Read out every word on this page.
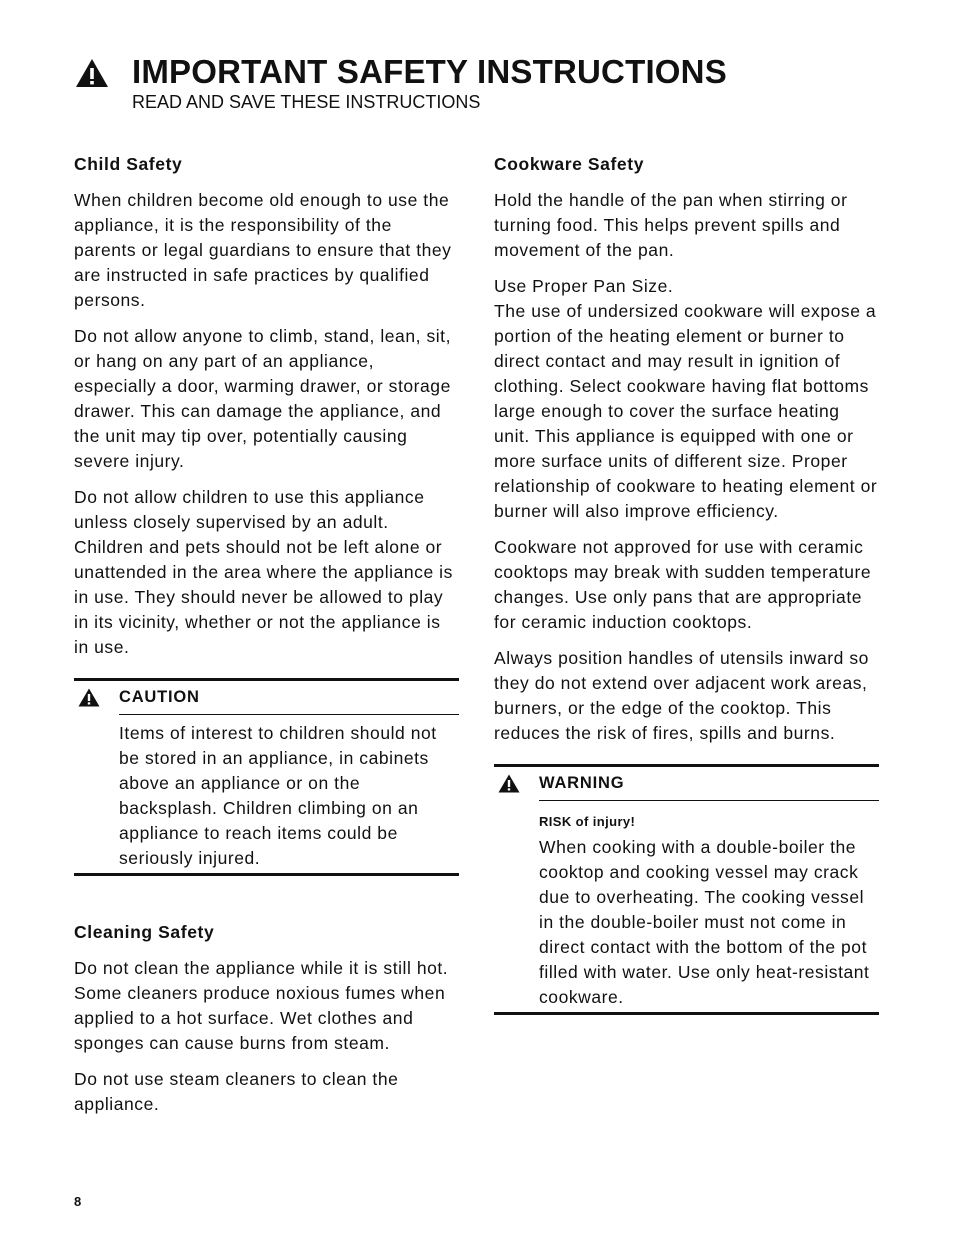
IMPORTANT SAFETY INSTRUCTIONS
READ AND SAVE THESE INSTRUCTIONS
Child Safety

When children become old enough to use the appliance, it is the responsibility of the parents or legal guardians to ensure that they are instructed in safe practices by qualified persons.

Do not allow anyone to climb, stand, lean, sit, or hang on any part of an appliance, especially a door, warming drawer, or storage drawer. This can damage the appliance, and the unit may tip over, potentially causing severe injury.

Do not allow children to use this appliance unless closely supervised by an adult. Children and pets should not be left alone or unattended in the area where the appliance is in use. They should never be allowed to play in its vicinity, whether or not the appliance is in use.

CAUTION

Items of interest to children should not be stored in an appliance, in cabinets above an appliance or on the backsplash. Children climbing on an appliance to reach items could be seriously injured.

Cleaning Safety

Do not clean the appliance while it is still hot. Some cleaners produce noxious fumes when applied to a hot surface. Wet clothes and sponges can cause burns from steam.

Do not use steam cleaners to clean the appliance.

Cookware Safety

Hold the handle of the pan when stirring or turning food. This helps prevent spills and movement of the pan.

Use Proper Pan Size.

The use of undersized cookware will expose a portion of the heating element or burner to direct contact and may result in ignition of clothing. Select cookware having flat bottoms large enough to cover the surface heating unit. This appliance is equipped with one or more surface units of different size. Proper relationship of cookware to heating element or burner will also improve efficiency.

Cookware not approved for use with ceramic cooktops may break with sudden temperature changes. Use only pans that are appropriate for ceramic induction cooktops.

Always position handles of utensils inward so they do not extend over adjacent work areas, burners, or the edge of the cooktop. This reduces the risk of fires, spills and burns.

WARNING
RISK of injury!

When cooking with a double-boiler the cooktop and cooking vessel may crack due to overheating. The cooking vessel in the double-boiler must not come in direct contact with the bottom of the pot filled with water. Use only heat-resistant cookware.

8
